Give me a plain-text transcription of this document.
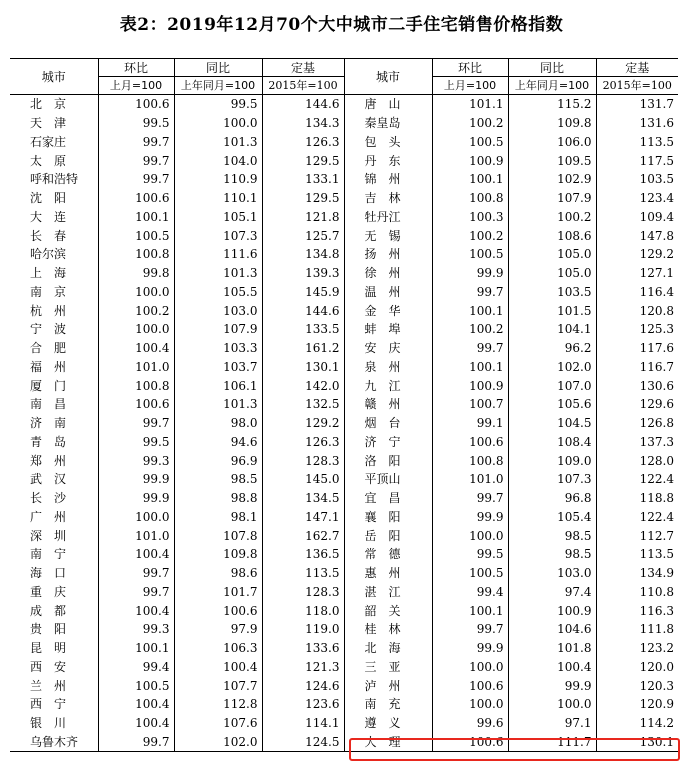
表2：2019年12月70个大中城市二手住宅销售价格指数
城市	环比	同比	定基	城市	环比	同比	定基
	上月=100	上年同月=100	2015年=100		上月=100	上年同月=100	2015年=100
北　京	100.6	99.5	144.6	唐　山	101.1	115.2	131.7
天　津	99.5	100.0	134.3	秦皇岛	100.2	109.8	131.6
石家庄	99.7	101.3	126.3	包　头	100.5	106.0	113.5
太　原	99.7	104.0	129.5	丹　东	100.9	109.5	117.5
呼和浩特	99.7	110.9	133.1	锦　州	100.1	102.9	103.5
沈　阳	100.6	110.1	129.5	吉　林	100.8	107.9	123.4
大　连	100.1	105.1	121.8	牡丹江	100.3	100.2	109.4
长　春	100.5	107.3	125.7	无　锡	100.2	108.6	147.8
哈尔滨	100.8	111.6	134.8	扬　州	100.5	105.0	129.2
上　海	99.8	101.3	139.3	徐　州	99.9	105.0	127.1
南　京	100.0	105.5	145.9	温　州	99.7	103.5	116.4
杭　州	100.2	103.0	144.6	金　华	100.1	101.5	120.8
宁　波	100.0	107.9	133.5	蚌　埠	100.2	104.1	125.3
合　肥	100.4	103.3	161.2	安　庆	99.7	96.2	117.6
福　州	101.0	103.7	130.1	泉　州	100.1	102.0	116.7
厦　门	100.8	106.1	142.0	九　江	100.9	107.0	130.6
南　昌	100.6	101.3	132.5	赣　州	100.7	105.6	129.6
济　南	99.7	98.0	129.2	烟　台	99.1	104.5	126.8
青　岛	99.5	94.6	126.3	济　宁	100.6	108.4	137.3
郑　州	99.3	96.9	128.3	洛　阳	100.8	109.0	128.0
武　汉	99.9	98.5	145.0	平顶山	101.0	107.3	122.4
长　沙	99.9	98.8	134.5	宜　昌	99.7	96.8	118.8
广　州	100.0	98.1	147.1	襄　阳	99.9	105.4	122.4
深　圳	101.0	107.8	162.7	岳　阳	100.0	98.5	112.7
南　宁	100.4	109.8	136.5	常　德	99.5	98.5	113.5
海　口	99.7	98.6	113.5	惠　州	100.5	103.0	134.9
重　庆	99.7	101.7	128.3	湛　江	99.4	97.4	110.8
成　都	100.4	100.6	118.0	韶　关	100.1	100.9	116.3
贵　阳	99.3	97.9	119.0	桂　林	99.7	104.6	111.8
昆　明	100.1	106.3	133.6	北　海	99.9	101.8	123.2
西　安	99.4	100.4	121.3	三　亚	100.0	100.4	120.0
兰　州	100.5	107.7	124.6	泸　州	100.6	99.9	120.3
西　宁	100.4	112.8	123.6	南　充	100.0	100.0	120.9
银　川	100.4	107.6	114.1	遵　义	99.6	97.1	114.2
乌鲁木齐	99.7	102.0	124.5	大　理	100.6	111.7	130.1
